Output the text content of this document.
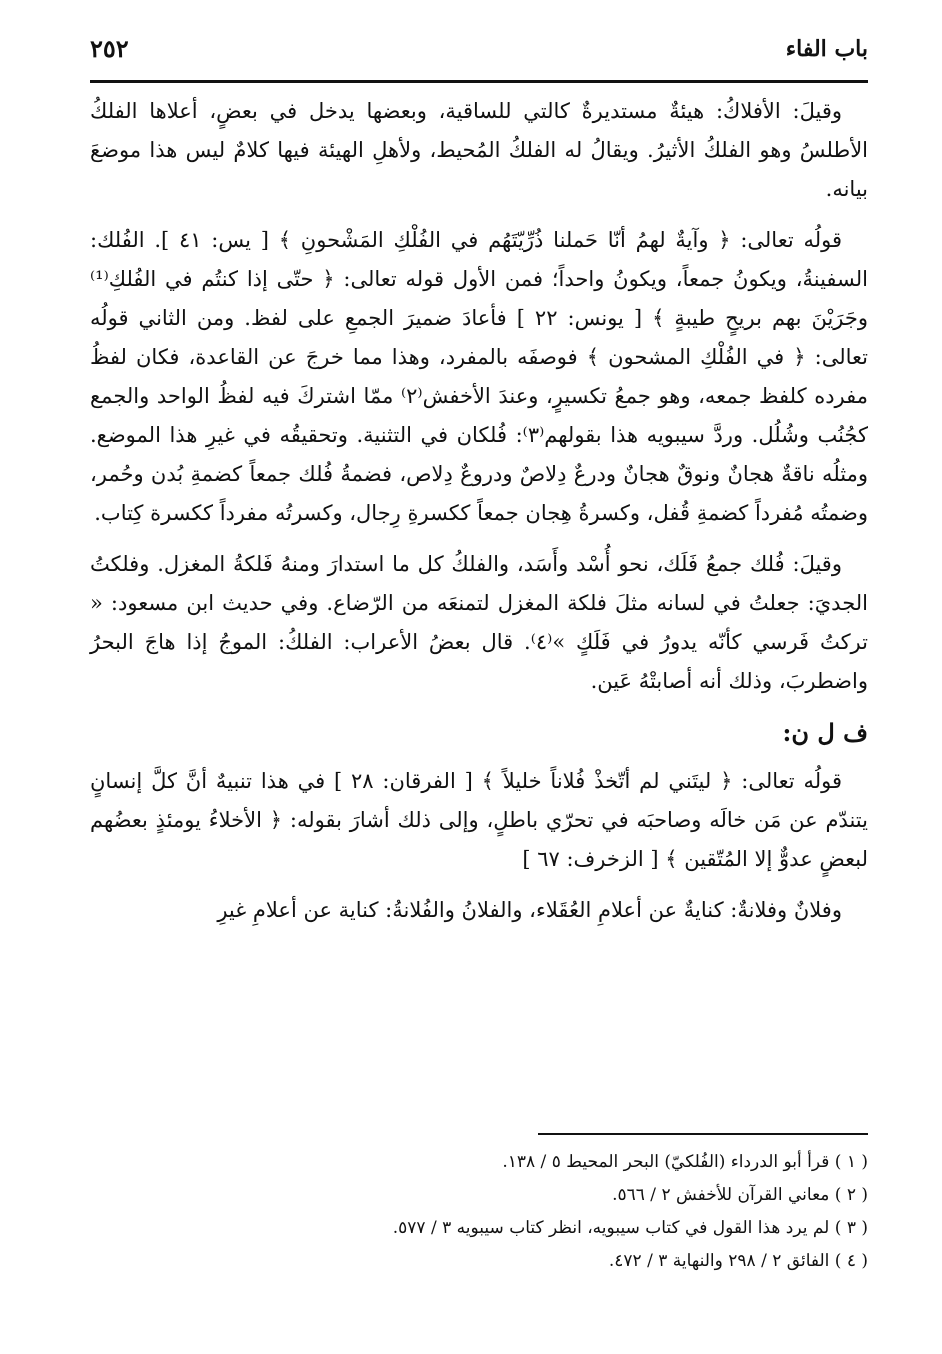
باب الفاء
٢٥٢

وقيلَ: الأفلاكُ: هيئةٌ مستديرةٌ كالتي للساقية، وبعضها يدخل في بعضٍ، أعلاها الفلكُ الأطلسُ وهو الفلكُ الأثيرُ. ويقالُ له الفلكُ المُحيط، ولأهلِ الهيئة فيها كلامٌ ليس هذا موضعَ بيانه.

قولُه تعالى: ﴿ وآيةٌ لهمُ أنّا حَملنا ذُرِّيّتَهُم في الفُلْكِ المَشْحونِ ﴾ [ يس: ٤١ ]. الفُلك: السفينةُ، ويكونُ جمعاً، ويكونُ واحداً؛ فمن الأول قوله تعالى: ﴿ حتّى إذا كنتُم في الفُلكِ⁽¹⁾ وجَرَيْنَ بهم بريحٍ طيبةٍ ﴾ [ يونس: ٢٢ ] فأعادَ ضميرَ الجمعِ على لفظ. ومن الثاني قولُه تعالى: ﴿ في الفُلْكِ المشحون ﴾ فوصفَه بالمفرد، وهذا مما خرجَ عن القاعدة، فكان لفظُ مفرده كلفظ جمعه، وهو جمعُ تكسيرٍ، وعندَ الأخفش⁽٢⁾ ممّا اشتركَ فيه لفظُ الواحد والجمع كجُنُب وشُلُل. وردَّ سيبويه هذا بقولهم⁽٣⁾: فُلكان في التثنية. وتحقيقُه في غيرِ هذا الموضع. ومثلُه ناقةٌ هجانٌ ونوقٌ هجانٌ ودرعٌ دِلاصٌ ودروعٌ دِلاص، فضمةُ فُلك جمعاً كضمةِ بُدن وحُمر، وضمتُه مُفرداً كضمةِ قُفل، وكسرةُ هِجان جمعاً ككسرةِ رِجال، وكسرتُه مفرداً ككسرة كِتاب.

وقيلَ: فُلك جمعُ فَلَك، نحو أُسْد وأَسَد، والفلكُ كل ما استدارَ ومنهُ فَلكةُ المغزل. وفلكتُ الجديَ: جعلتُ في لسانه مثلَ فلكة المغزل لتمنعَه من الرّضاع. وفي حديث ابن مسعود: « تركتُ فَرسي كأنّه يدورُ في فَلَكٍ »⁽٤⁾. قال بعضُ الأعراب: الفلكُ: الموجُ إذا هاجَ البحرُ واضطربَ، وذلك أنه أصابتْهُ عَين.

ف ل ن:

قولُه تعالى: ﴿ ليتَني لم أتّخذْ فُلاناً خليلاً ﴾ [ الفرقان: ٢٨ ] في هذا تنبيهٌ أنَّ كلَّ إنسانٍ يتندّم عن مَن خالَه وصاحبَه في تحرّي باطلٍ، وإلى ذلك أشارَ بقوله: ﴿ الأخلاءُ يومئذٍ بعضُهم لبعضٍ عدوٌّ إلا المُتّقين ﴾ [ الزخرف: ٦٧ ]

وفلانٌ وفلانةٌ: كنايةٌ عن أعلامِ العُقَلاء، والفلانُ والفُلانةُ: كناية عن أعلامِ غيرِ

( ١ ) قرأ أبو الدرداء (الفُلكيّ) البحر المحيط ٥ / ١٣٨.

( ٢ ) معاني القرآن للأخفش ٢ / ٥٦٦.

( ٣ ) لم يرد هذا القول في كتاب سيبويه، انظر كتاب سيبويه ٣ / ٥٧٧.

( ٤ ) الفائق ٢ / ٢٩٨ والنهاية ٣ / ٤٧٢.
